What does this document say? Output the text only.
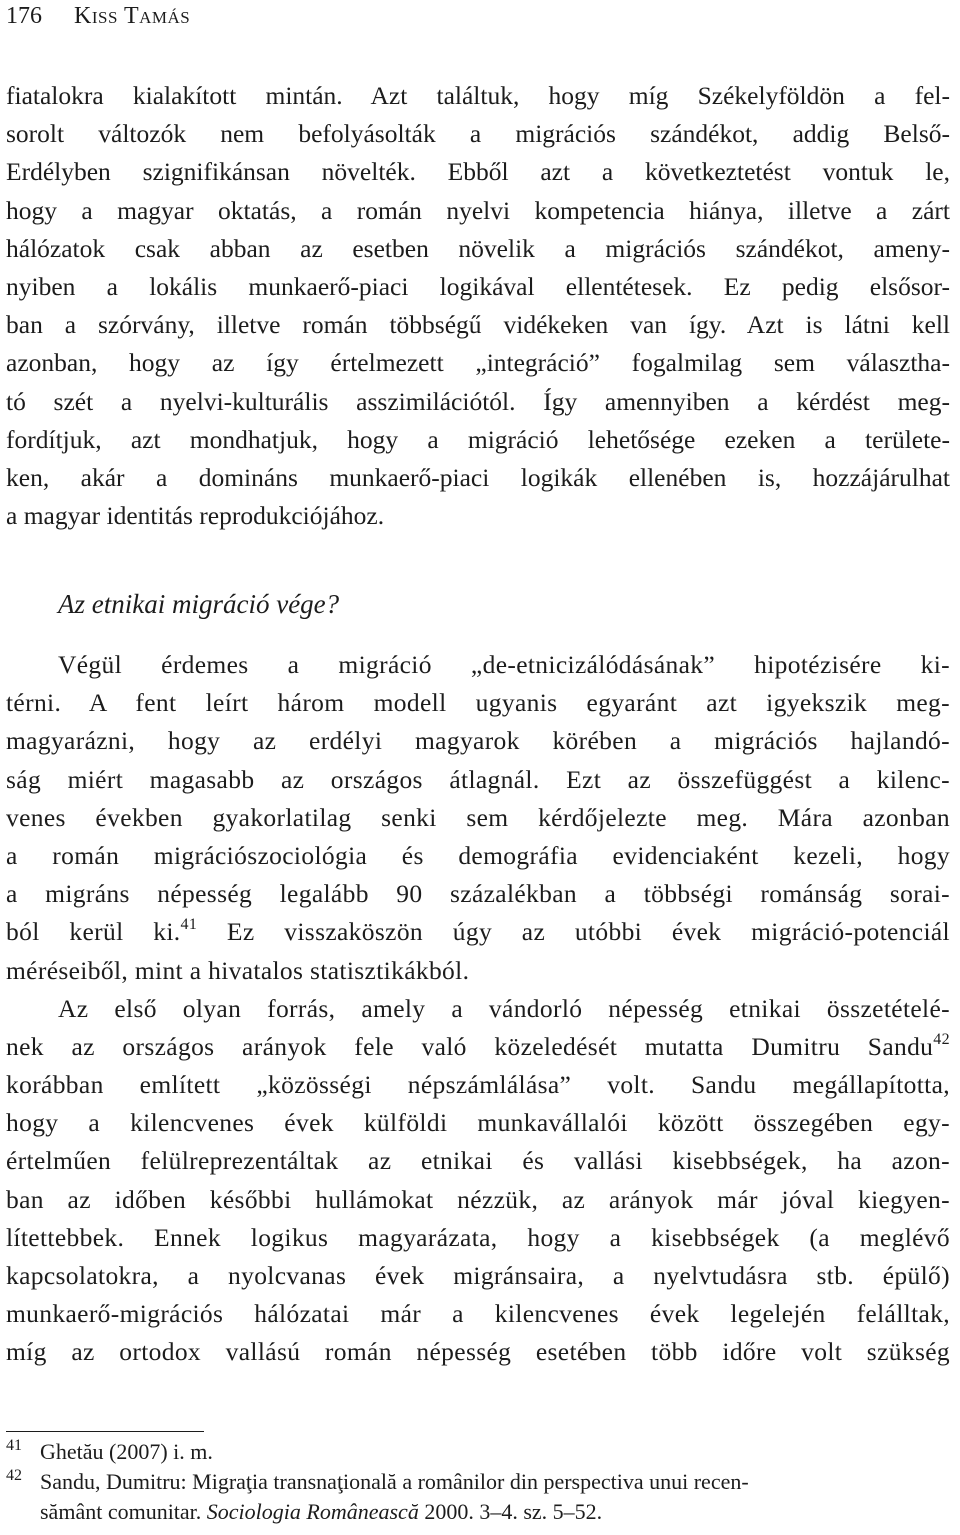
176 Kiss Tamás
fiatalokra kialakított mintán. Azt találtuk, hogy míg Székelyföldön a fel-
sorolt változók nem befolyásolták a migrációs szándékot, addig Belső-
Erdélyben szignifikánsan növelték. Ebből azt a következtetést vontuk le,
hogy a magyar oktatás, a román nyelvi kompetencia hiánya, illetve a zárt
hálózatok csak abban az esetben növelik a migrációs szándékot, ameny-
nyiben a lokális munkaerő-piaci logikával ellentétesek. Ez pedig elsősor-
ban a szórvány, illetve román többségű vidékeken van így. Azt is látni kell
azonban, hogy az így értelmezett „integráció” fogalmilag sem választha-
tó szét a nyelvi-kulturális asszimilációtól. Így amennyiben a kérdést meg-
fordítjuk, azt mondhatjuk, hogy a migráció lehetősége ezeken a területe-
ken, akár a domináns munkaerő-piaci logikák ellenében is, hozzájárulhat
a magyar identitás reprodukciójához.
Az etnikai migráció vége?
Végül érdemes a migráció „de-etnicizálódásának” hipotézisére ki-
térni. A fent leírt három modell ugyanis egyaránt azt igyekszik meg-
magyarázni, hogy az erdélyi magyarok körében a migrációs hajlandó-
ság miért magasabb az országos átlagnál. Ezt az összefüggést a kilenc-
venes években gyakorlatilag senki sem kérdőjelezte meg. Mára azonban
a román migrációszociológia és demográfia evidenciaként kezeli, hogy
a migráns népesség legalább 90 százalékban a többségi románság sorai-
ból kerül ki.$^{41}$ Ez visszaköszön úgy az utóbbi évek migráció-potenciál
méréseiből, mint a hivatalos statisztikákból.
Az első olyan forrás, amely a vándorló népesség etnikai összetételé-
nek az országos arányok fele való közeledését mutatta Dumitru Sandu$^{42}$
korábban említett „közösségi népszámlálása” volt. Sandu megállapította,
hogy a kilencvenes évek külföldi munkavállalói között összegében egy-
értelműen felülreprezentáltak az etnikai és vallási kisebbségek, ha azon-
ban az időben későbbi hullámokat nézzük, az arányok már jóval kiegyen-
lítettebbek. Ennek logikus magyarázata, hogy a kisebbségek (a meglévő
kapcsolatokra, a nyolcvanas évek migránsaira, a nyelvtudásra stb. épülő)
munkaerő-migrációs hálózatai már a kilencvenes évek legelején felálltak,
míg az ortodox vallású román népesség esetében több időre volt szükség
41 Ghetău (2007) i. m.
42 Sandu, Dumitru: Migraţia transnaţională a românilor din perspectiva unui recen-
sământ comunitar. Sociologia Românească 2000. 3–4. sz. 5–52.
